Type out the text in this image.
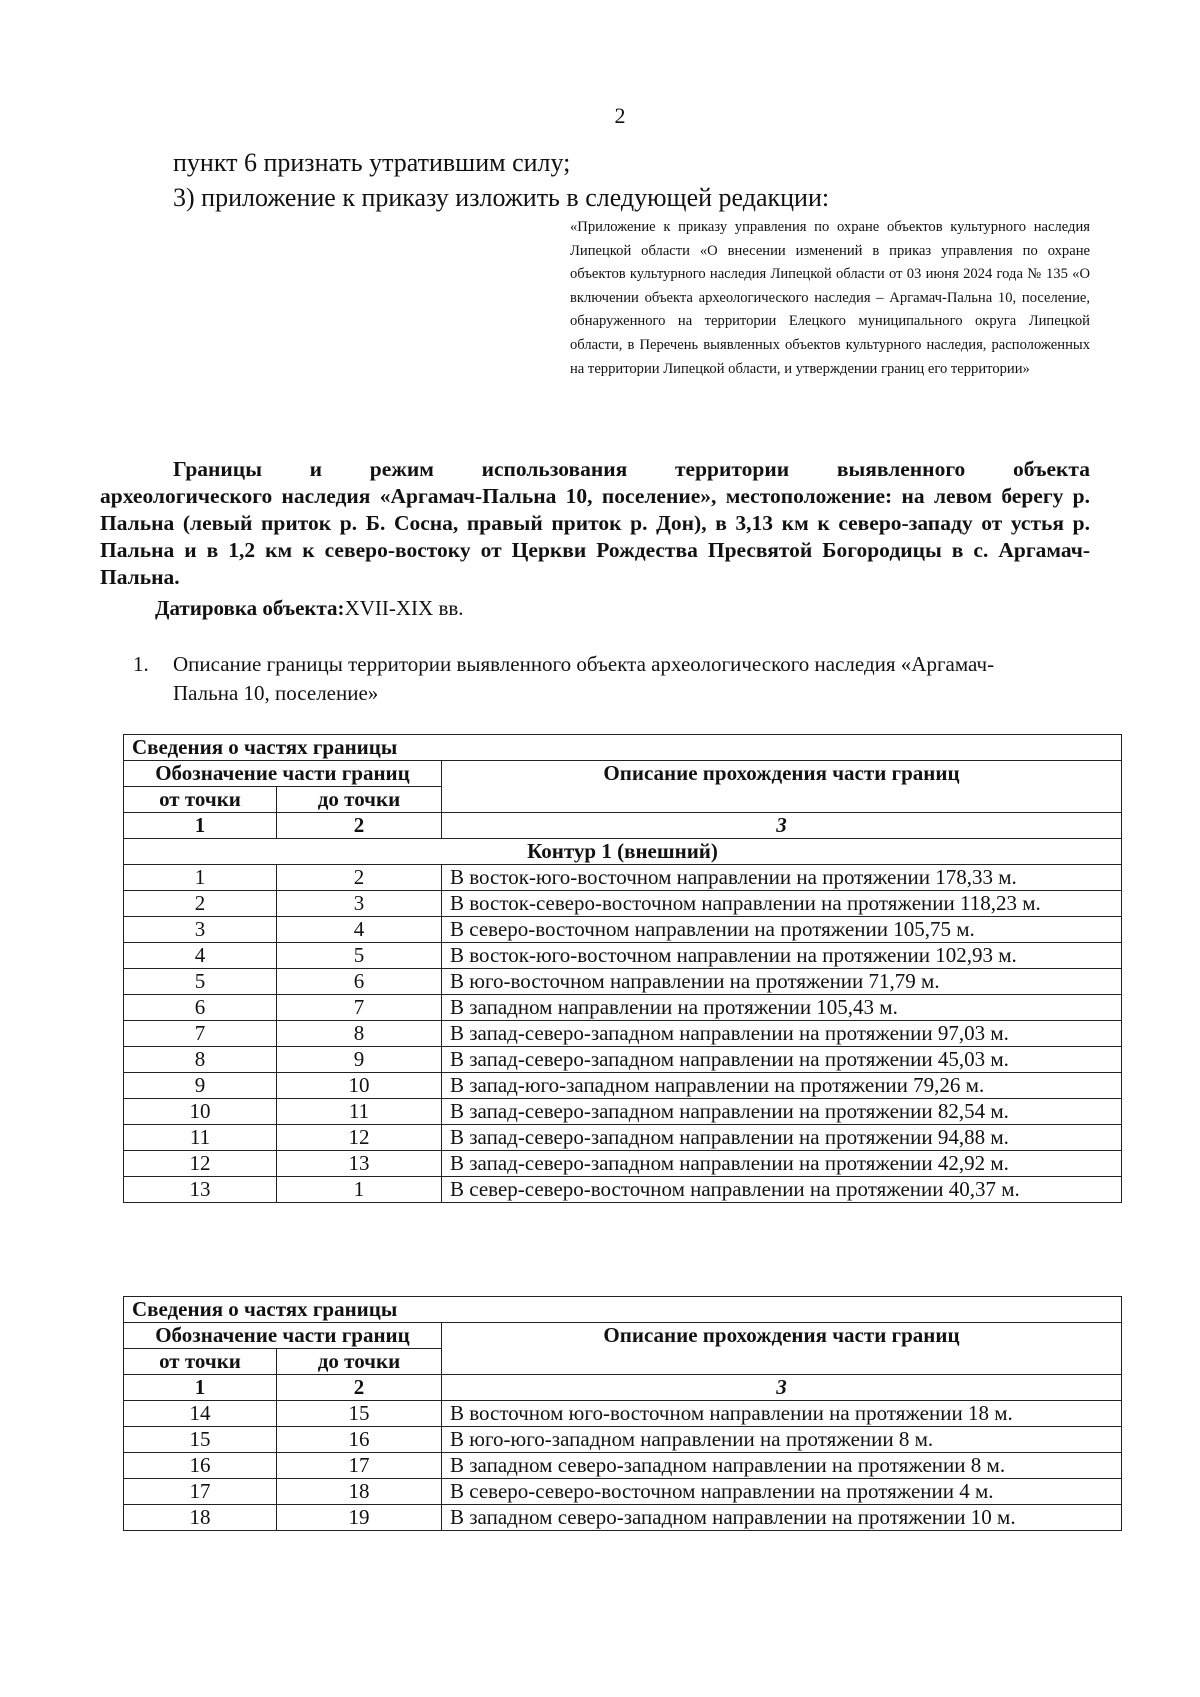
2
пункт 6 признать утратившим силу;
3) приложение к приказу изложить в следующей редакции:
«Приложение к приказу управления по охране объектов культурного наследия Липецкой области «О внесении изменений в приказ управления по охране объектов культурного наследия Липецкой области от 03 июня 2024 года № 135 «О включении объекта археологического наследия – Аргамач-Пальна 10, поселение, обнаруженного на территории Елецкого муниципального округа Липецкой области, в Перечень выявленных объектов культурного наследия, расположенных на территории Липецкой области, и утверждении границ его территории»
Границы и режим использования территории выявленного объекта
археологического наследия «Аргамач-Пальна 10, поселение», местоположение: на левом берегу р. Пальна (левый приток р. Б. Сосна, правый приток р. Дон), в 3,13 км к северо-западу от устья р. Пальна и в 1,2 км к северо-востоку от Церкви Рождества Пресвятой Богородицы в с. Аргамач-Пальна.
Датировка объекта:XVII-XIX вв.
1. Описание границы территории выявленного объекта археологического наследия «Аргамач-
Пальна 10, поселение»
Сведения о частях границы		
Обозначение части границ		Описание прохождения части границ
от точки	до точки	
1	2	3
Контур 1 (внешний)		
1	2	В восток-юго-восточном направлении на протяжении 178,33 м.
2	3	В восток-северо-восточном направлении на протяжении 118,23 м.
3	4	В северо-восточном направлении на протяжении 105,75 м.
4	5	В восток-юго-восточном направлении на протяжении 102,93 м.
5	6	В юго-восточном направлении на протяжении 71,79 м.
6	7	В западном направлении на протяжении 105,43 м.
7	8	В запад-северо-западном направлении на протяжении 97,03 м.
8	9	В запад-северо-западном направлении на протяжении 45,03 м.
9	10	В запад-юго-западном направлении на протяжении 79,26 м.
10	11	В запад-северо-западном направлении на протяжении 82,54 м.
11	12	В запад-северо-западном направлении на протяжении 94,88 м.
12	13	В запад-северо-западном направлении на протяжении 42,92 м.
13	1	В север-северо-восточном направлении на протяжении 40,37 м.
Сведения о частях границы		
Обозначение части границ		Описание прохождения части границ
от точки	до точки	
1	2	3
14	15	В восточном юго-восточном направлении на протяжении 18 м.
15	16	В юго-юго-западном направлении на протяжении 8 м.
16	17	В западном северо-западном направлении на протяжении 8 м.
17	18	В северо-северо-восточном направлении на протяжении 4 м.
18	19	В западном северо-западном направлении на протяжении 10 м.
